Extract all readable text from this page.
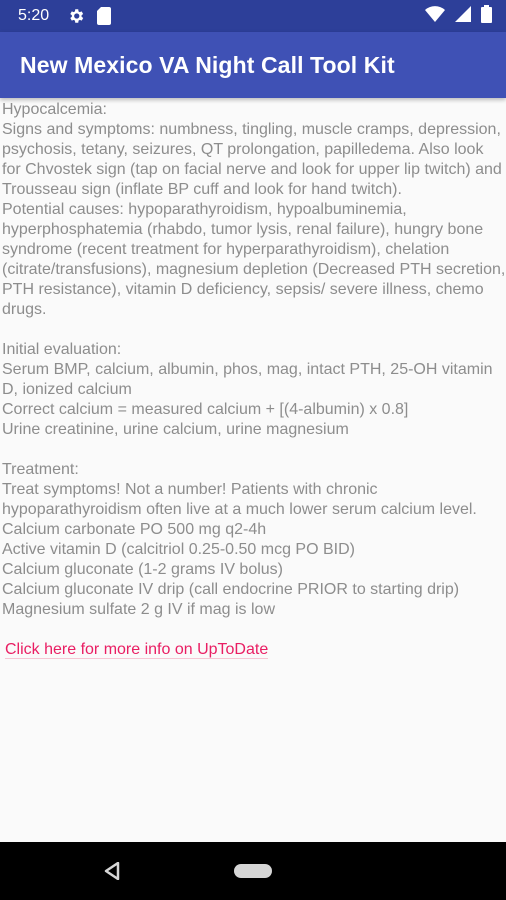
5:20
New Mexico VA Night Call Tool Kit

Hypocalcemia:

Signs and symptoms: numbness, tingling, muscle cramps, depression, psychosis, tetany, seizures, QT prolongation, papilledema. Also look for Chvostek sign (tap on facial nerve and look for upper lip twitch) and Trousseau sign (inflate BP cuff and look for hand twitch).

Potential causes: hypoparathyroidism, hypoalbuminemia, hyperphosphatemia (rhabdo, tumor lysis, renal failure), hungry bone syndrome (recent treatment for hyperparathyroidism), chelation (citrate/transfusions), magnesium depletion (Decreased PTH secretion, PTH resistance), vitamin D deficiency, sepsis/ severe illness, chemo drugs.

Initial evaluation:

Serum BMP, calcium, albumin, phos, mag, intact PTH, 25-OH vitamin D, ionized calcium

Correct calcium = measured calcium + [(4-albumin) x 0.8]

Urine creatinine, urine calcium, urine magnesium

Treatment:

Treat symptoms! Not a number! Patients with chronic hypoparathyroidism often live at a much lower serum calcium level.

Calcium carbonate PO 500 mg q2-4h

Active vitamin D (calcitriol 0.25-0.50 mcg PO BID)

Calcium gluconate (1-2 grams IV bolus)

Calcium gluconate IV drip (call endocrine PRIOR to starting drip)

Magnesium sulfate 2 g IV if mag is low

Click here for more info on UpToDate
